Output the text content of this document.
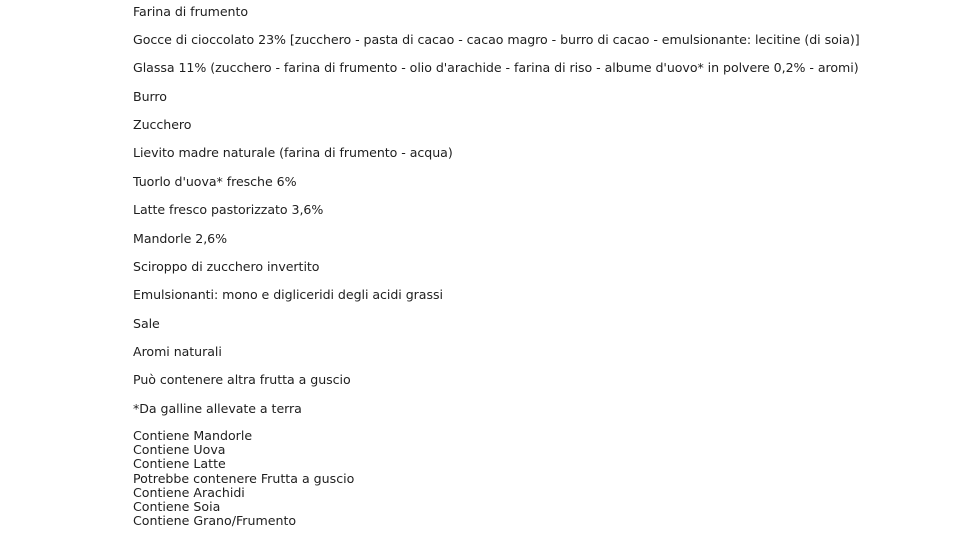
Farina di frumento
Gocce di cioccolato 23% [zucchero - pasta di cacao - cacao magro - burro di cacao - emulsionante: lecitine (di soia)]
Glassa 11% (zucchero - farina di frumento - olio d'arachide - farina di riso - albume d'uovo* in polvere 0,2% - aromi)
Burro
Zucchero
Lievito madre naturale (farina di frumento - acqua)
Tuorlo d'uova* fresche 6%
Latte fresco pastorizzato 3,6%
Mandorle 2,6%
Sciroppo di zucchero invertito
Emulsionanti: mono e digliceridi degli acidi grassi
Sale
Aromi naturali
Può contenere altra frutta a guscio
*Da galline allevate a terra
Contiene Mandorle
Contiene Uova
Contiene Latte
Potrebbe contenere Frutta a guscio
Contiene Arachidi
Contiene Soia
Contiene Grano/Frumento
